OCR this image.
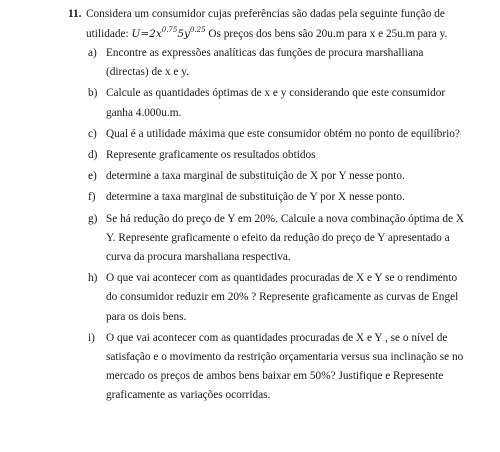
11. Considera um consumidor cujas preferências são dadas pela seguinte função de
utilidade: $U=2x^{0.75}5y^{0.25}$ Os preços dos bens são 20u.m para x e 25u.m para y.
a) Encontre as expressões analíticas das funções de procura marshalliana
(directas) de x e y.
b) Calcule as quantidades óptimas de x e y considerando que este consumidor
ganha 4.000u.m.
c) Qual é a utilidade máxima que este consumidor obtém no ponto de equilíbrio?
d) Represente graficamente os resultados obtidos
e) determine a taxa marginal de substituição de X por Y nesse ponto.
f) determine a taxa marginal de substituição de Y por X nesse ponto.
g) Se há redução do preço de Y em 20%. Calcule a nova combinação óptima de X
Y. Represente graficamente o efeito da redução do preço de Y apresentado a
curva da procura marshaliana respectiva.
h) O que vai acontecer com as quantidades procuradas de X e Y se o rendimento
do consumidor reduzir em 20% ? Represente graficamente as curvas de Engel
para os dois bens.
i) O que vai acontecer com as quantidades procuradas de X e Y , se o nível de
satisfação e o movimento da restrição orçamentaria versus sua inclinação se no
mercado os preços de ambos bens baixar em 50%? Justifique e Represente
graficamente as variações ocorridas.
